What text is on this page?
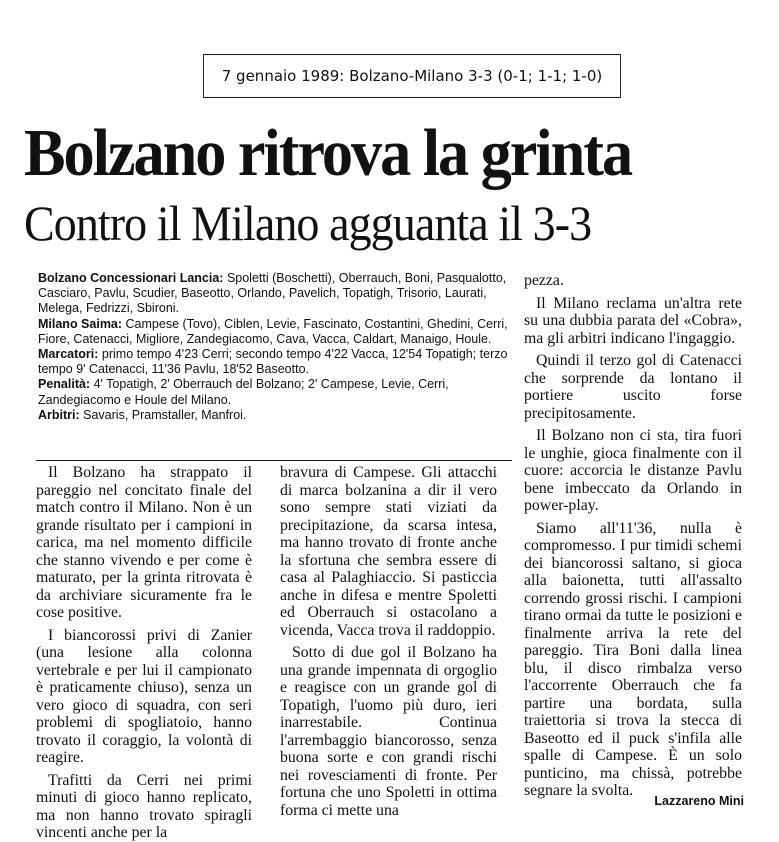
7 gennaio 1989: Bolzano-Milano 3-3 (0-1; 1-1; 1-0)
Bolzano ritrova la grinta
Contro il Milano agguanta il 3-3

Bolzano Concessionari Lancia: Spoletti (Boschetti), Oberrauch, Boni, Pasqualotto, Casciaro, Pavlu, Scudier, Baseotto, Orlando, Pavelich, Topatigh, Trisorio, Laurati, Melega, Fedrizzi, Sbironi.

Milano Saima: Campese (Tovo), Ciblen, Levie, Fascinato, Costantini, Ghedini, Cerri, Fiore, Catenacci, Migliore, Zandegiacomo, Cava, Vacca, Caldart, Manaigo, Houle.

Marcatori: primo tempo 4'23 Cerri; secondo tempo 4'22 Vacca, 12'54 Topatigh; terzo tempo 9' Catenacci, 11'36 Pavlu, 18'52 Baseotto.

Penalità: 4' Topatigh, 2' Oberrauch del Bolzano; 2' Campese, Levie, Cerri, Zandegiacomo e Houle del Milano.

Arbitri: Savaris, Pramstaller, Manfroi.

Il Bolzano ha strappato il pareggio nel concitato finale del match contro il Milano. Non è un grande risultato per i campioni in carica, ma nel momento difficile che stanno vivendo e per come è maturato, per la grinta ritrovata è da archiviare sicuramente fra le cose positive.

I biancorossi privi di Zanier (una lesione alla colonna vertebrale e per lui il campionato è praticamente chiuso), senza un vero gioco di squadra, con seri problemi di spogliatoio, hanno trovato il coraggio, la volontà di reagire.

Trafitti da Cerri nei primi minuti di gioco hanno replicato, ma non hanno trovato spiragli vincenti anche per la

bravura di Campese. Gli attacchi di marca bolzanina a dir il vero sono sempre stati viziati da precipitazione, da scarsa intesa, ma hanno trovato di fronte anche la sfortuna che sembra essere di casa al Palaghiaccio. Si pasticcia anche in difesa e mentre Spoletti ed Oberrauch si ostacolano a vicenda, Vacca trova il raddoppio.

Sotto di due gol il Bolzano ha una grande impennata di orgoglio e reagisce con un grande gol di Topatigh, l'uomo più duro, ieri inarrestabile. Continua l'arrembaggio biancorosso, senza buona sorte e con grandi rischi nei rovesciamenti di fronte. Per fortuna che uno Spoletti in ottima forma ci mette una

pezza.

Il Milano reclama un'altra rete su una dubbia parata del «Cobra», ma gli arbitri indicano l'ingaggio.

Quindi il terzo gol di Catenacci che sorprende da lontano il portiere uscito forse precipitosamente.

Il Bolzano non ci sta, tira fuori le unghie, gioca finalmente con il cuore: accorcia le distanze Pavlu bene imbeccato da Orlando in power-play.

Siamo all'11'36, nulla è compromesso. I pur timidi schemi dei biancorossi saltano, si gioca alla baionetta, tutti all'assalto correndo grossi rischi. I campioni tirano ormai da tutte le posizioni e finalmente arriva la rete del pareggio. Tira Boni dalla linea blu, il disco rimbalza verso l'accorrente Oberrauch che fa partire una bordata, sulla traiettoria si trova la stecca di Baseotto ed il puck s'infila alle spalle di Campese. È un solo punticino, ma chissà, potrebbe segnare la svolta.

Lazzareno Mini
